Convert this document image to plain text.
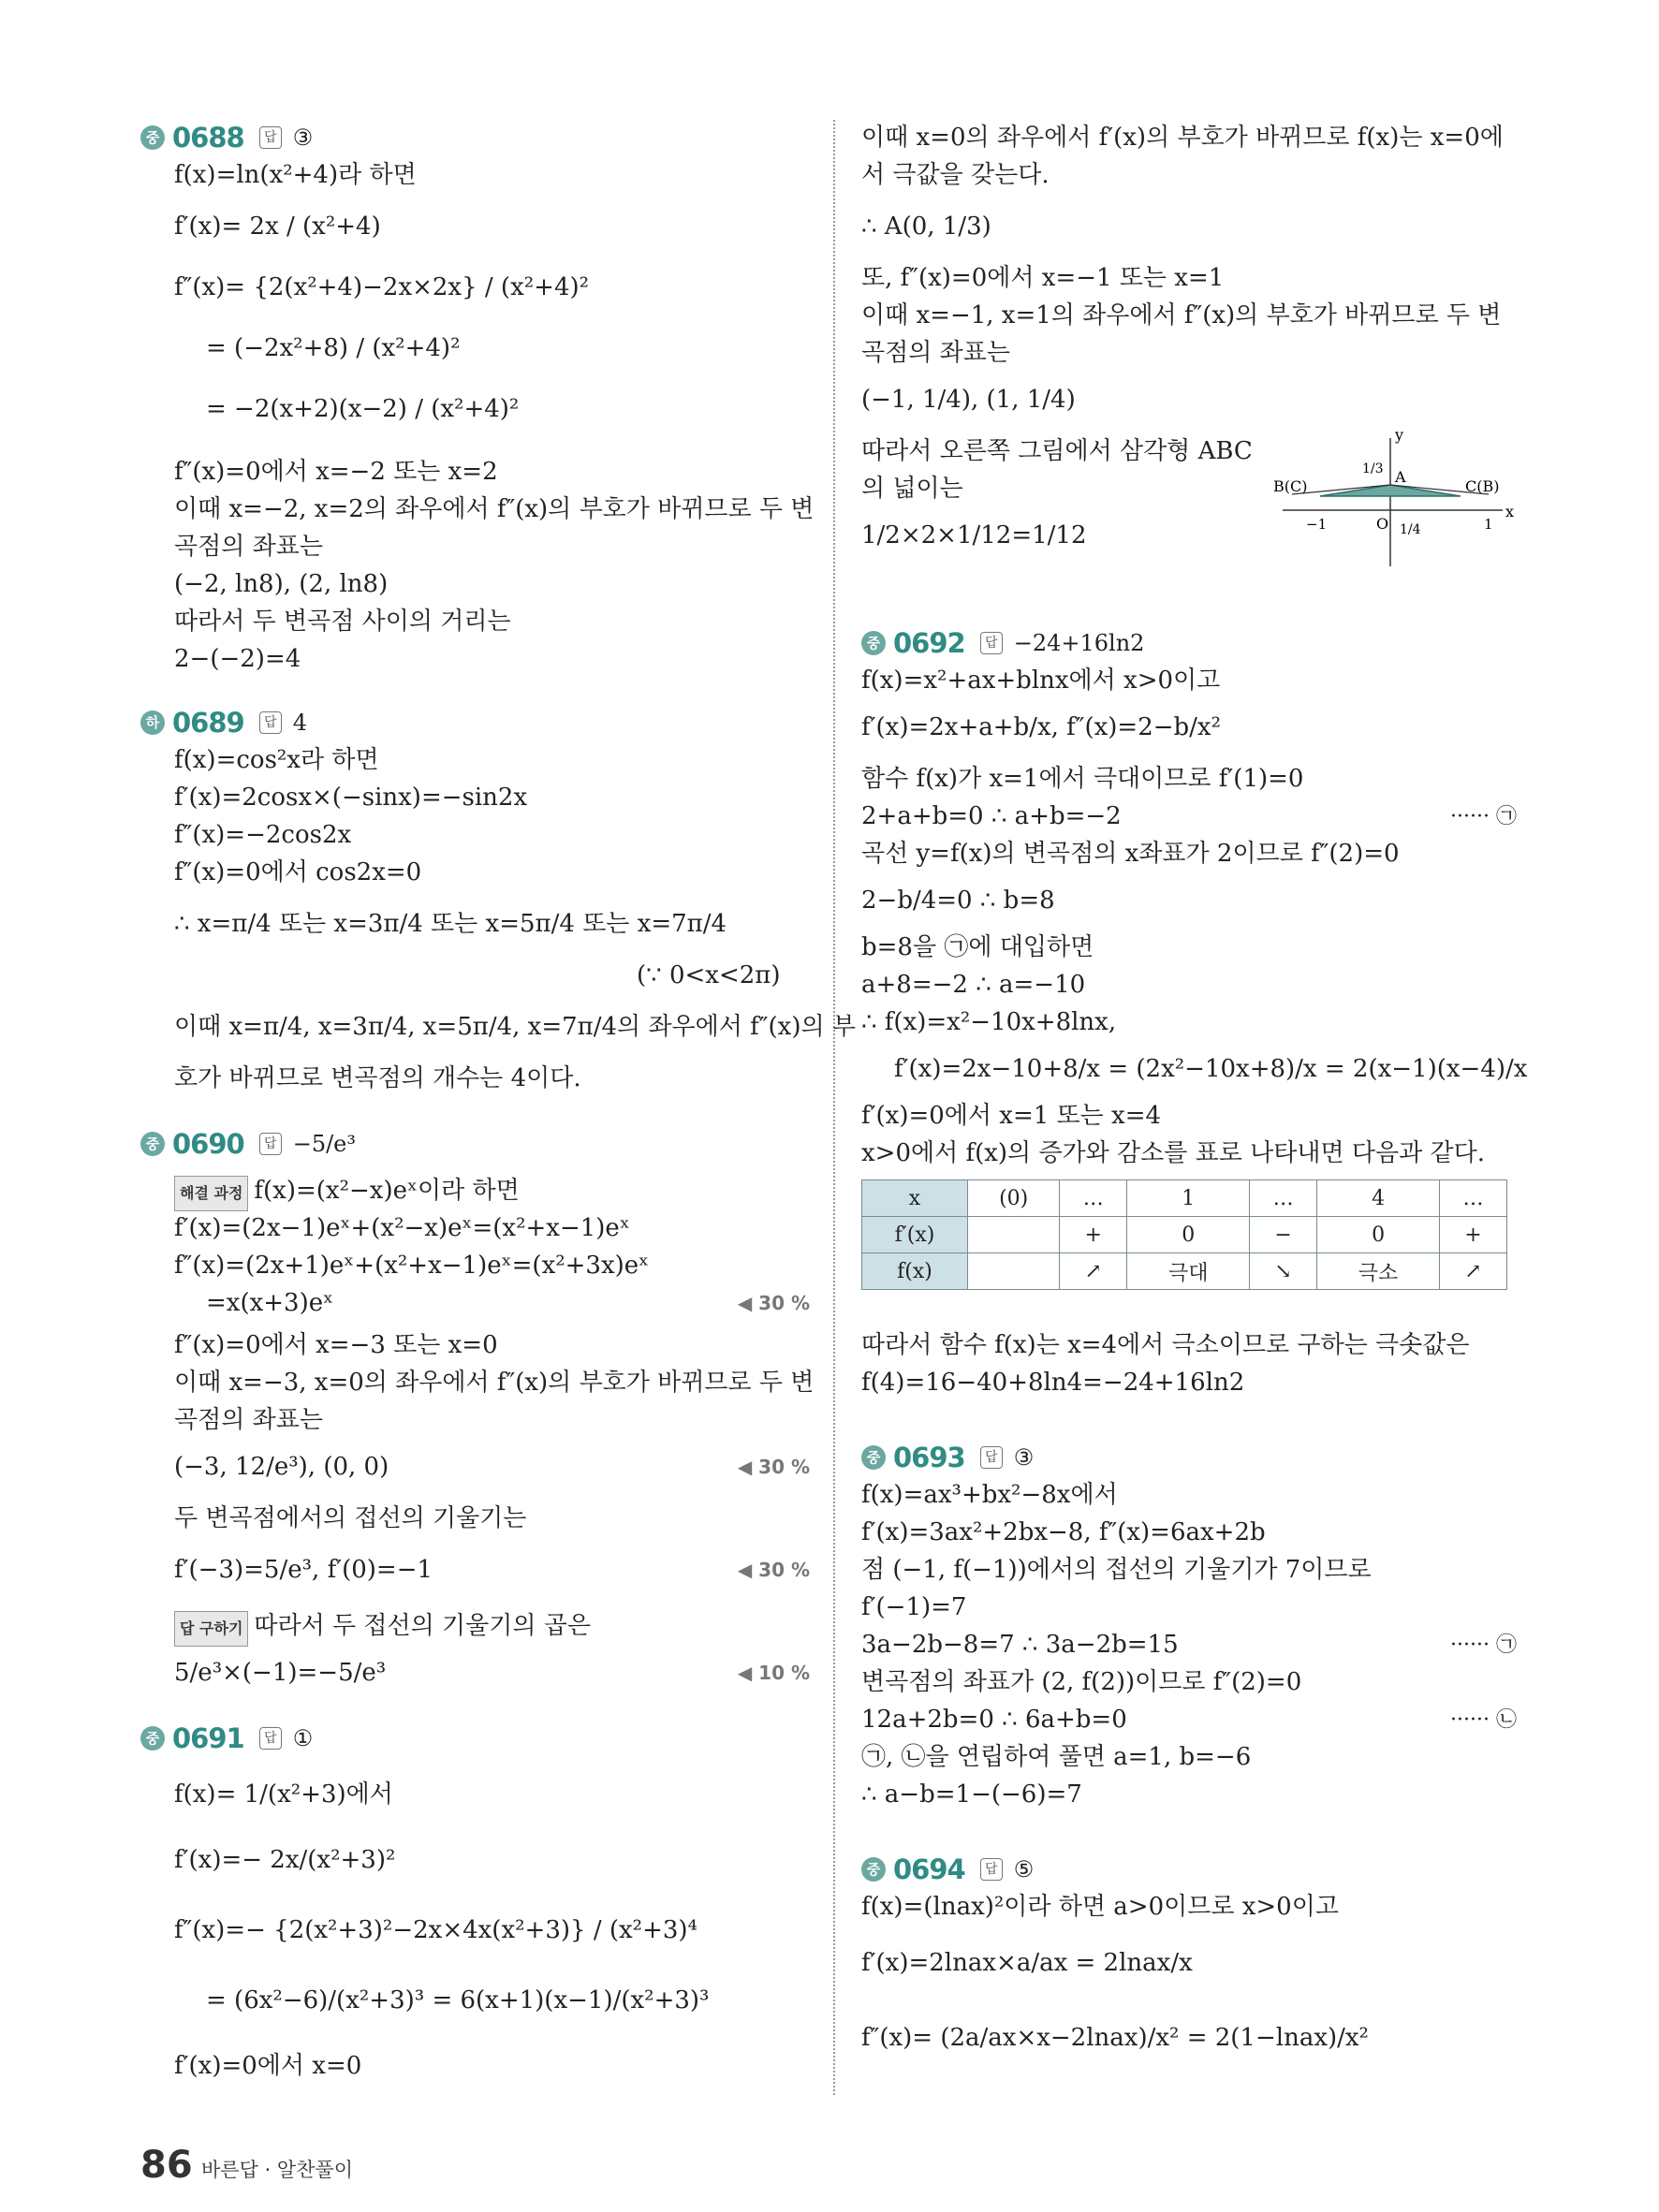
중 0688	답 ③
f(x)=ln(x²+4)라 하면
f′(x)= 2x / (x²+4)
f″(x)= {2(x²+4)−2x×2x} / (x²+4)²
= (−2x²+8) / (x²+4)²
= −2(x+2)(x−2) / (x²+4)²
f″(x)=0에서 x=−2 또는 x=2
이때 x=−2, x=2의 좌우에서 f″(x)의 부호가 바뀌므로 두 변
곡점의 좌표는
(−2, ln8), (2, ln8)
따라서 두 변곡점 사이의 거리는
2−(−2)=4
하 0689	답 4
f(x)=cos²x라 하면
f′(x)=2cosx×(−sinx)=−sin2x
f″(x)=−2cos2x
f″(x)=0에서 cos2x=0
∴ x=π/4 또는 x=3π/4 또는 x=5π/4 또는 x=7π/4
(∵ 0<x<2π)
이때 x=π/4, x=3π/4, x=5π/4, x=7π/4의 좌우에서 f″(x)의 부
호가 바뀌므로 변곡점의 개수는 4이다.
중 0690	답 −5/e³
해결 과정 f(x)=(x²−x)eˣ이라 하면
f′(x)=(2x−1)eˣ+(x²−x)eˣ=(x²+x−1)eˣ
f″(x)=(2x+1)eˣ+(x²+x−1)eˣ=(x²+3x)eˣ
=x(x+3)eˣ	◀ 30 %
f″(x)=0에서 x=−3 또는 x=0
이때 x=−3, x=0의 좌우에서 f″(x)의 부호가 바뀌므로 두 변
곡점의 좌표는
(−3, 12/e³), (0, 0)	◀ 30 %
두 변곡점에서의 접선의 기울기는
f′(−3)=5/e³, f′(0)=−1	◀ 30 %
답 구하기 따라서 두 접선의 기울기의 곱은
5/e³×(−1)=−5/e³	◀ 10 %
중 0691	답 ①
f(x)= 1/(x²+3)에서
f′(x)=− 2x/(x²+3)²
f″(x)=− {2(x²+3)²−2x×4x(x²+3)} / (x²+3)⁴
= (6x²−6)/(x²+3)³ = 6(x+1)(x−1)/(x²+3)³
f′(x)=0에서 x=0
이때 x=0의 좌우에서 f′(x)의 부호가 바뀌므로 f(x)는 x=0에
서 극값을 갖는다.
∴ A(0, 1/3)
또, f″(x)=0에서 x=−1 또는 x=1
이때 x=−1, x=1의 좌우에서 f″(x)의 부호가 바뀌므로 두 변
곡점의 좌표는
(−1, 1/4), (1, 1/4)
따라서 오른쪽 그림에서 삼각형 ABC
의 넓이는
1/2×2×1/12=1/12
y
x
O
A
B(C)	C(B)
1/3
−1	1
1/4
중 0692	답 −24+16ln2
f(x)=x²+ax+blnx에서 x>0이고
f′(x)=2x+a+b/x, f″(x)=2−b/x²
함수 f(x)가 x=1에서 극대이므로 f′(1)=0
2+a+b=0 ∴ a+b=−2	······ ㉠
곡선 y=f(x)의 변곡점의 x좌표가 2이므로 f″(2)=0
2−b/4=0 ∴ b=8
b=8을 ㉠에 대입하면
a+8=−2 ∴ a=−10
∴ f(x)=x²−10x+8lnx,
f′(x)=2x−10+8/x = (2x²−10x+8)/x = 2(x−1)(x−4)/x
f′(x)=0에서 x=1 또는 x=4
x>0에서 f(x)의 증가와 감소를 표로 나타내면 다음과 같다.
x	(0)	…	1	…	4	…
f′(x)		+	0	−	0	+
f(x)		↗	극대	↘	극소	↗
따라서 함수 f(x)는 x=4에서 극소이므로 구하는 극솟값은
f(4)=16−40+8ln4=−24+16ln2
중 0693	답 ③
f(x)=ax³+bx²−8x에서
f′(x)=3ax²+2bx−8, f″(x)=6ax+2b
점 (−1, f(−1))에서의 접선의 기울기가 7이므로
f′(−1)=7
3a−2b−8=7 ∴ 3a−2b=15	······ ㉠
변곡점의 좌표가 (2, f(2))이므로 f″(2)=0
12a+2b=0 ∴ 6a+b=0	······ ㉡
㉠, ㉡을 연립하여 풀면 a=1, b=−6
∴ a−b=1−(−6)=7
중 0694	답 ⑤
f(x)=(lnax)²이라 하면 a>0이므로 x>0이고
f′(x)=2lnax×a/ax = 2lnax/x
f″(x)= (2a/ax×x−2lnax)/x² = 2(1−lnax)/x²
86 바른답 · 알찬풀이
